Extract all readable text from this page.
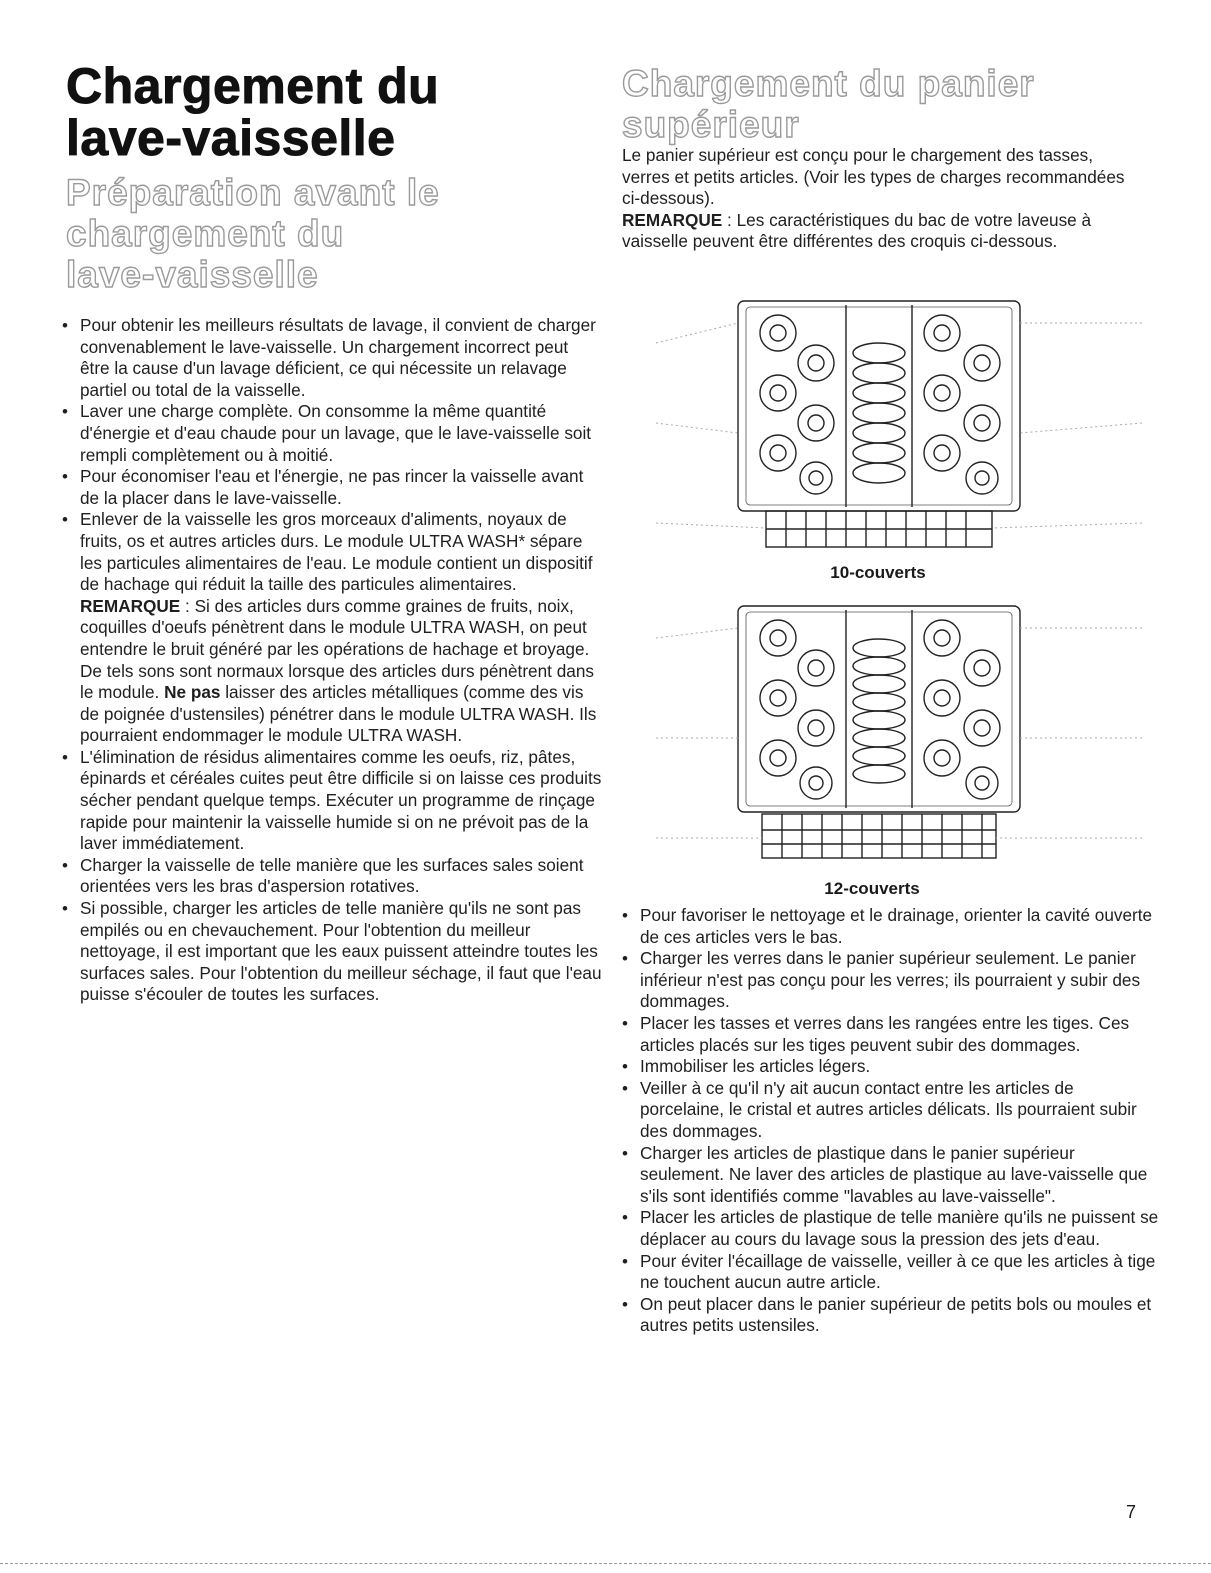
Chargement du
lave-vaisselle
Préparation avant le
chargement du
lave-vaisselle
• Pour obtenir les meilleurs résultats de lavage, il convient de charger convenablement le lave-vaisselle. Un chargement incorrect peut être la cause d'un lavage déficient, ce qui nécessite un relavage partiel ou total de la vaisselle.
• Laver une charge complète. On consomme la même quantité d'énergie et d'eau chaude pour un lavage, que le lave-vaisselle soit rempli complètement ou à moitié.
• Pour économiser l'eau et l'énergie, ne pas rincer la vaisselle avant de la placer dans le lave-vaisselle.
• Enlever de la vaisselle les gros morceaux d'aliments, noyaux de fruits, os et autres articles durs. Le module ULTRA WASH* sépare les particules alimentaires de l'eau. Le module contient un dispositif de hachage qui réduit la taille des particules alimentaires.

REMARQUE : Si des articles durs comme graines de fruits, noix, coquilles d'oeufs pénètrent dans le module ULTRA WASH, on peut entendre le bruit généré par les opérations de hachage et broyage. De tels sons sont normaux lorsque des articles durs pénètrent dans le module. Ne pas laisser des articles métalliques (comme des vis de poignée d'ustensiles) pénétrer dans le module ULTRA WASH. Ils pourraient endommager le module ULTRA WASH.

• L'élimination de résidus alimentaires comme les oeufs, riz, pâtes, épinards et céréales cuites peut être difficile si on laisse ces produits sécher pendant quelque temps. Exécuter un programme de rinçage rapide pour maintenir la vaisselle humide si on ne prévoit pas de la laver immédiatement.
• Charger la vaisselle de telle manière que les surfaces sales soient orientées vers les bras d'aspersion rotatives.
• Si possible, charger les articles de telle manière qu'ils ne sont pas empilés ou en chevauchement. Pour l'obtention du meilleur nettoyage, il est important que les eaux puissent atteindre toutes les surfaces sales. Pour l'obtention du meilleur séchage, il faut que l'eau puisse s'écouler de toutes les surfaces.
Chargement du panier
supérieur

Le panier supérieur est conçu pour le chargement des tasses, verres et petits articles. (Voir les types de charges recommandées ci-dessous).

REMARQUE : Les caractéristiques du bac de votre laveuse à vaisselle peuvent être différentes des croquis ci-dessous.

10-couverts
12-couverts
• Pour favoriser le nettoyage et le drainage, orienter la cavité ouverte de ces articles vers le bas.
• Charger les verres dans le panier supérieur seulement. Le panier inférieur n'est pas conçu pour les verres; ils pourraient y subir des dommages.
• Placer les tasses et verres dans les rangées entre les tiges. Ces articles placés sur les tiges peuvent subir des dommages.
• Immobiliser les articles légers.
• Veiller à ce qu'il n'y ait aucun contact entre les articles de porcelaine, le cristal et autres articles délicats. Ils pourraient subir des dommages.
• Charger les articles de plastique dans le panier supérieur seulement. Ne laver des articles de plastique au lave-vaisselle que s'ils sont identifiés comme "lavables au lave-vaisselle".
• Placer les articles de plastique de telle manière qu'ils ne puissent se déplacer au cours du lavage sous la pression des jets d'eau.
• Pour éviter l'écaillage de vaisselle, veiller à ce que les articles à tige ne touchent aucun autre article.
• On peut placer dans le panier supérieur de petits bols ou moules et autres petits ustensiles.
7
